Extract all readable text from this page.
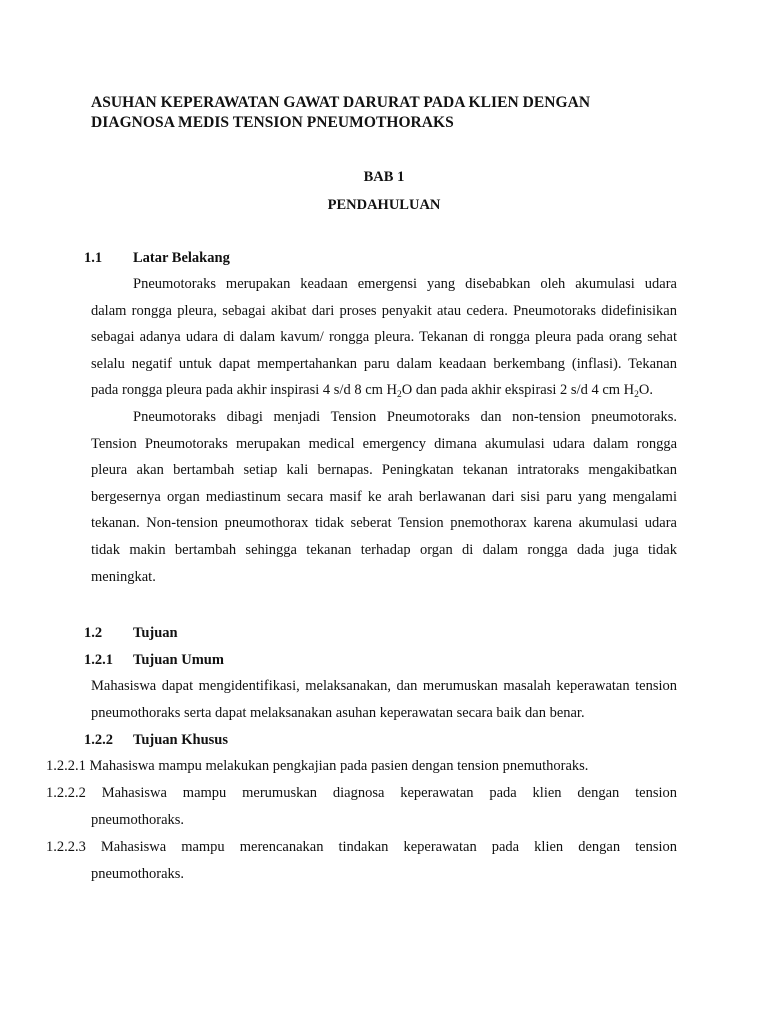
ASUHAN KEPERAWATAN GAWAT DARURAT PADA KLIEN DENGAN
DIAGNOSA MEDIS TENSION PNEUMOTHORAKS
BAB 1
PENDAHULUAN
1.1 Latar Belakang
Pneumotoraks merupakan keadaan emergensi yang disebabkan oleh akumulasi udara
dalam rongga pleura, sebagai akibat dari proses penyakit atau cedera. Pneumotoraks didefinisikan
sebagai adanya udara di dalam kavum/ rongga pleura. Tekanan di rongga pleura pada orang sehat
selalu negatif untuk dapat mempertahankan paru dalam keadaan berkembang (inflasi). Tekanan
pada rongga pleura pada akhir inspirasi 4 s/d 8 cm $H_2O$ dan pada akhir ekspirasi 2 s/d 4 cm $H_2O$.
Pneumotoraks dibagi menjadi Tension Pneumotoraks dan non-tension pneumotoraks.
Tension Pneumotoraks merupakan medical emergency dimana akumulasi udara dalam rongga
pleura akan bertambah setiap kali bernapas. Peningkatan tekanan intratoraks mengakibatkan
bergesernya organ mediastinum secara masif ke arah berlawanan dari sisi paru yang mengalami
tekanan. Non-tension pneumothorax tidak seberat Tension pnemothorax karena akumulasi udara
tidak makin bertambah sehingga tekanan terhadap organ di dalam rongga dada juga tidak
meningkat.
1.2 Tujuan
1.2.1 Tujuan Umum
Mahasiswa dapat mengidentifikasi, melaksanakan, dan merumuskan masalah keperawatan tension
pneumothoraks serta dapat melaksanakan asuhan keperawatan secara baik dan benar.
1.2.2 Tujuan Khusus
1.2.2.1 Mahasiswa mampu melakukan pengkajian pada pasien dengan tension pnemuthoraks.
1.2.2.2 Mahasiswa mampu merumuskan diagnosa keperawatan pada klien dengan tension
pneumothoraks.
1.2.2.3 Mahasiswa mampu merencanakan tindakan keperawatan pada klien dengan tension
pneumothoraks.
